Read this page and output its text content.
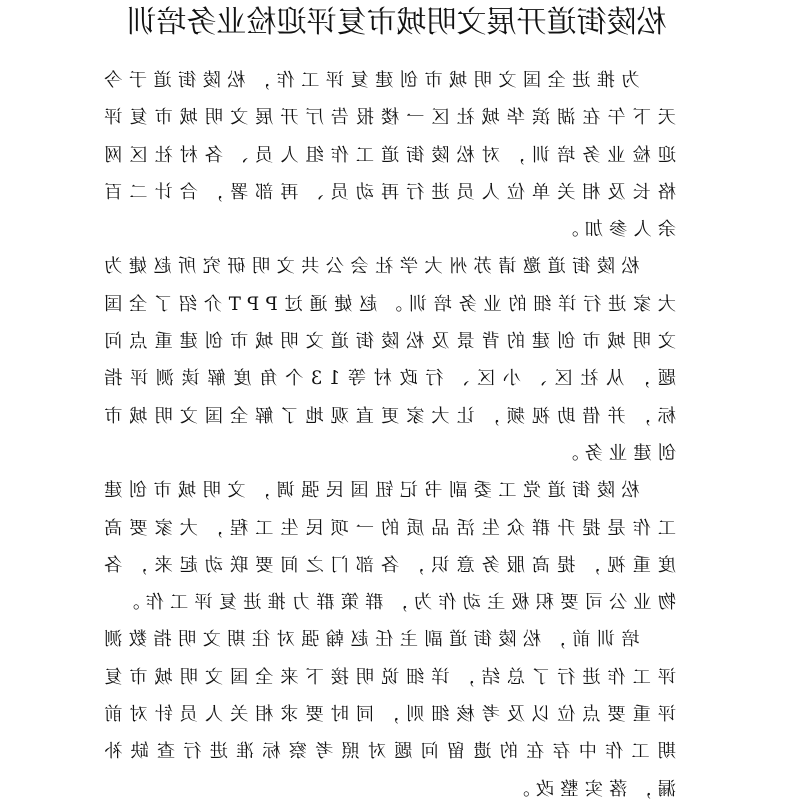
松陵街道开展文明城市复评迎检业务培训

为推进全国文明城市创建复评工作，松陵街道于今天下午在湖滨华城社区一楼报告厅开展文明城市复评迎检业务培训，对松陵街道工作组人员、各村社区网格长及相关单位人员进行再动员、再部署，合计二百余人参加。

松陵街道邀请苏州大学社会公共文明研究所赵婕为大家进行详细的业务培训。赵婕通过PPT介绍了全国文明城市创建的背景及松陵街道文明城市创建重点问题，从社区、小区、行政村等13个角度解读测评指标，并借助视频，让大家更直观地了解全国文明城市创建业务。

松陵街道党工委副书记钮国民强调，文明城市创建工作是提升群众生活品质的一项民生工程，大家要高度重视，提高服务意识，各部门之间要联动起来，各物业公司要积极主动作为，群策群力推进复评工作。

培训前，松陵街道副主任赵翰强对往期文明指数测评工作进行了总结，详细说明接下来全国文明城市复评重要点位以及考核细则，同时要求相关人员针对前期工作中存在的遗留问题对照考察标准进行查缺补漏，落实整改。
